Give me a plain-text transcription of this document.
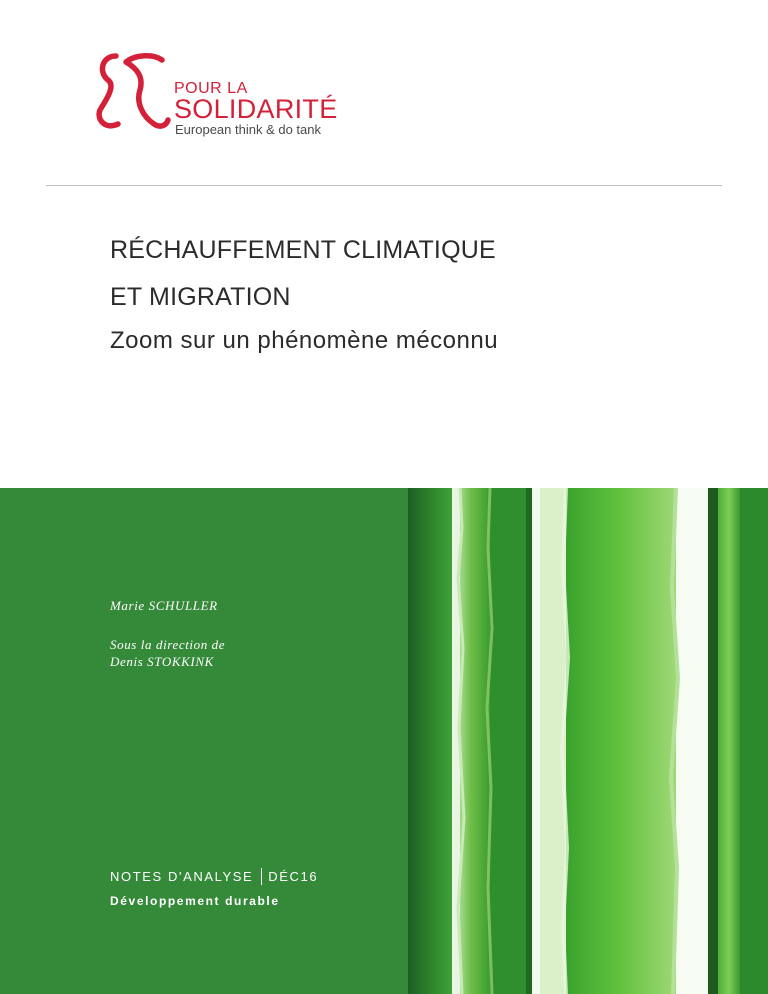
POUR LA
SOLIDARITÉ
European think & do tank
RÉCHAUFFEMENT CLIMATIQUE
ET MIGRATION
Zoom sur un phénomène méconnu
Marie SCHULLER
Sous la direction de
Denis STOKKINK
NOTES D'ANALYSE DÉC16
Développement durable
